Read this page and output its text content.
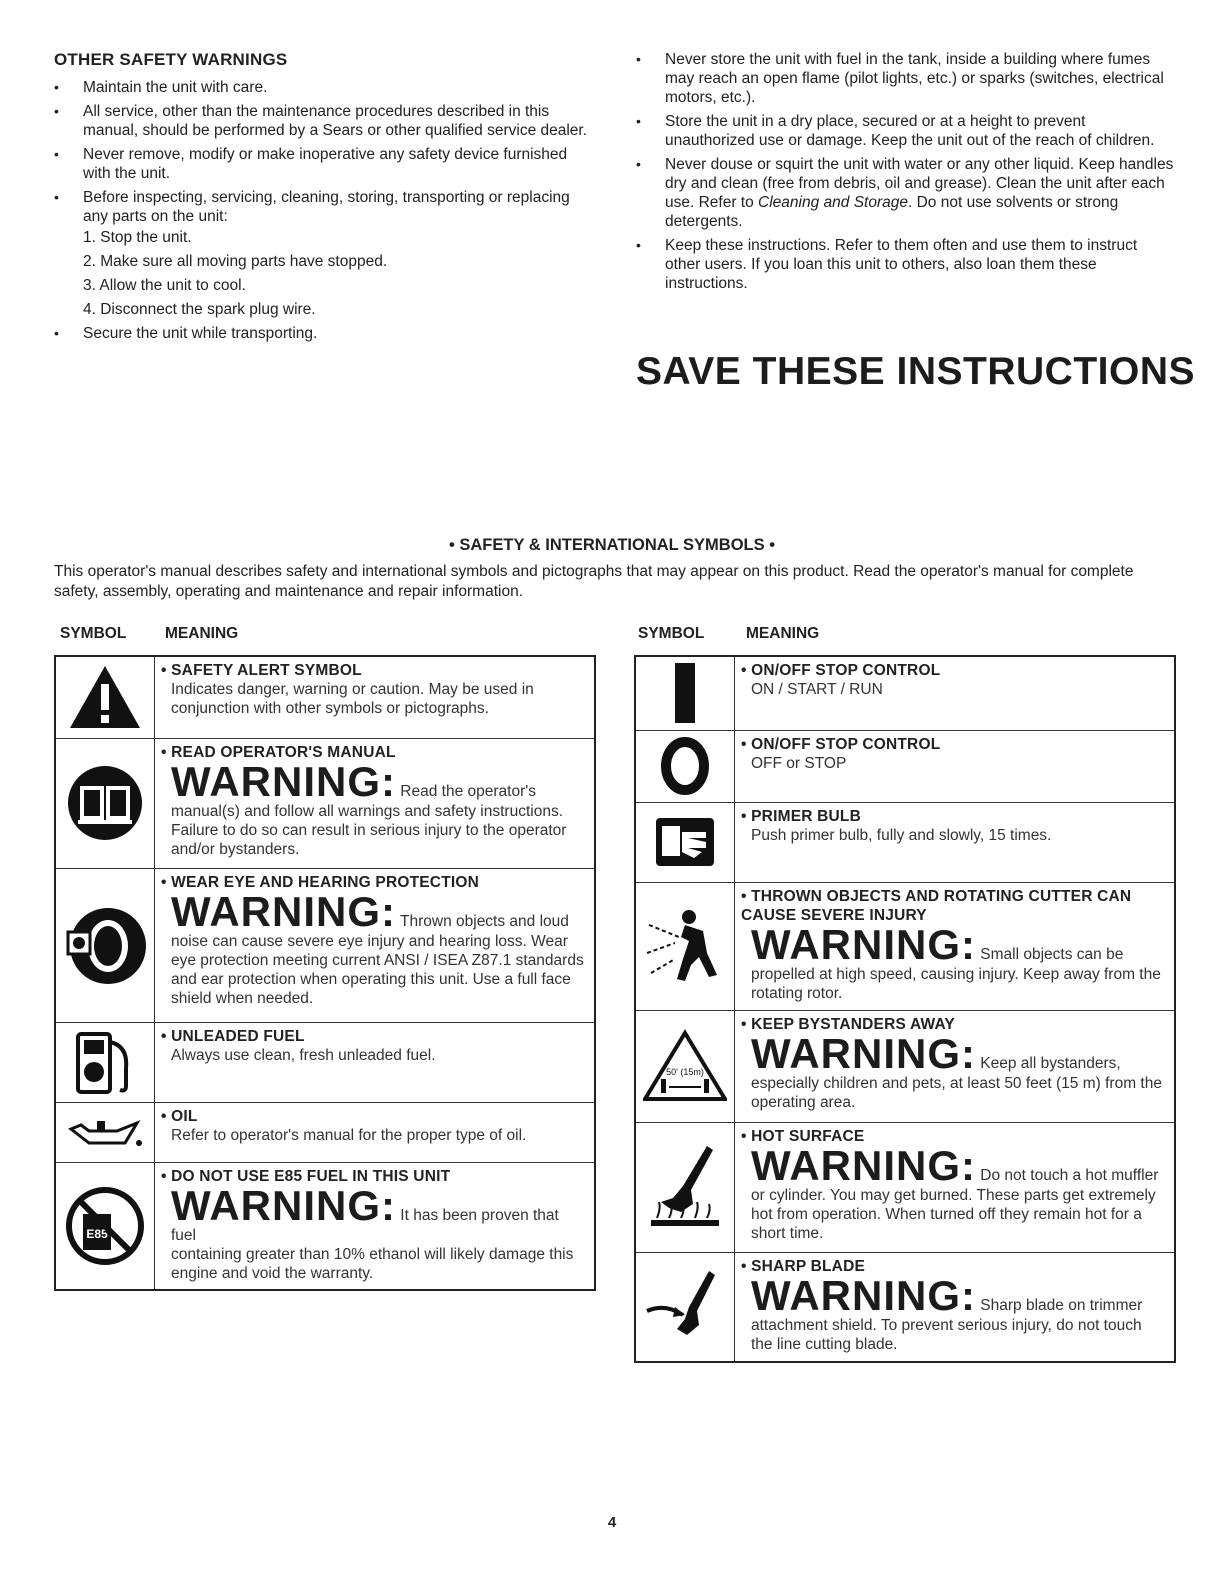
OTHER SAFETY WARNINGS
• Maintain the unit with care.
• All service, other than the maintenance procedures described in this manual, should be performed by a Sears or other qualified service dealer.
• Never remove, modify or make inoperative any safety device furnished with the unit.
• Before inspecting, servicing, cleaning, storing, transporting or replacing any parts on the unit:
1. Stop the unit.
2. Make sure all moving parts have stopped.
3. Allow the unit to cool.
4. Disconnect the spark plug wire.
• Secure the unit while transporting.
• Never store the unit with fuel in the tank, inside a building where fumes may reach an open flame (pilot lights, etc.) or sparks (switches, electrical motors, etc.).
• Store the unit in a dry place, secured or at a height to prevent unauthorized use or damage. Keep the unit out of the reach of children.
• Never douse or squirt the unit with water or any other liquid. Keep handles dry and clean (free from debris, oil and grease). Clean the unit after each use. Refer to Cleaning and Storage. Do not use solvents or strong detergents.
• Keep these instructions. Refer to them often and use them to instruct other users. If you loan this unit to others, also loan them these instructions.
SAVE THESE INSTRUCTIONS
• SAFETY & INTERNATIONAL SYMBOLS •
This operator's manual describes safety and international symbols and pictographs that may appear on this product. Read the operator's manual for complete safety, assembly, operating and maintenance and repair information.
SYMBOL MEANING	SYMBOL	MEANING

• SAFETY ALERT SYMBOL
Indicates danger, warning or caution. May be used in conjunction with other symbols or pictographs.

• READ OPERATOR'S MANUAL
WARNING: Read the operator's
manual(s) and follow all warnings and safety instructions. Failure to do so can result in serious injury to the operator and/or bystanders.

• WEAR EYE AND HEARING PROTECTION
WARNING: Thrown objects and loud
noise can cause severe eye injury and hearing loss. Wear eye protection meeting current ANSI / ISEA Z87.1 standards and ear protection when operating this unit. Use a full face shield when needed.

• UNLEADED FUEL
Always use clean, fresh unleaded fuel.

• OIL
Refer to operator's manual for the proper type of oil.

E85	• DO NOT USE E85 FUEL IN THIS UNIT
WARNING: It has been proven that fuel
containing greater than 10% ethanol will likely damage this engine and void the warranty.

• ON/OFF STOP CONTROL
ON / START / RUN

• ON/OFF STOP CONTROL
OFF or STOP

• PRIMER BULB
Push primer bulb, fully and slowly, 15 times.

• THROWN OBJECTS AND ROTATING CUTTER CAN CAUSE SEVERE INJURY
WARNING: Small objects can be
propelled at high speed, causing injury. Keep away from the rotating rotor.

50' (15m)	• KEEP BYSTANDERS AWAY
WARNING: Keep all bystanders,
especially children and pets, at least 50 feet (15 m) from the operating area.

• HOT SURFACE
WARNING: Do not touch a hot muffler
or cylinder. You may get burned. These parts get extremely hot from operation. When turned off they remain hot for a short time.

• SHARP BLADE
WARNING: Sharp blade on trimmer
attachment shield. To prevent serious injury, do not touch the line cutting blade.
4
